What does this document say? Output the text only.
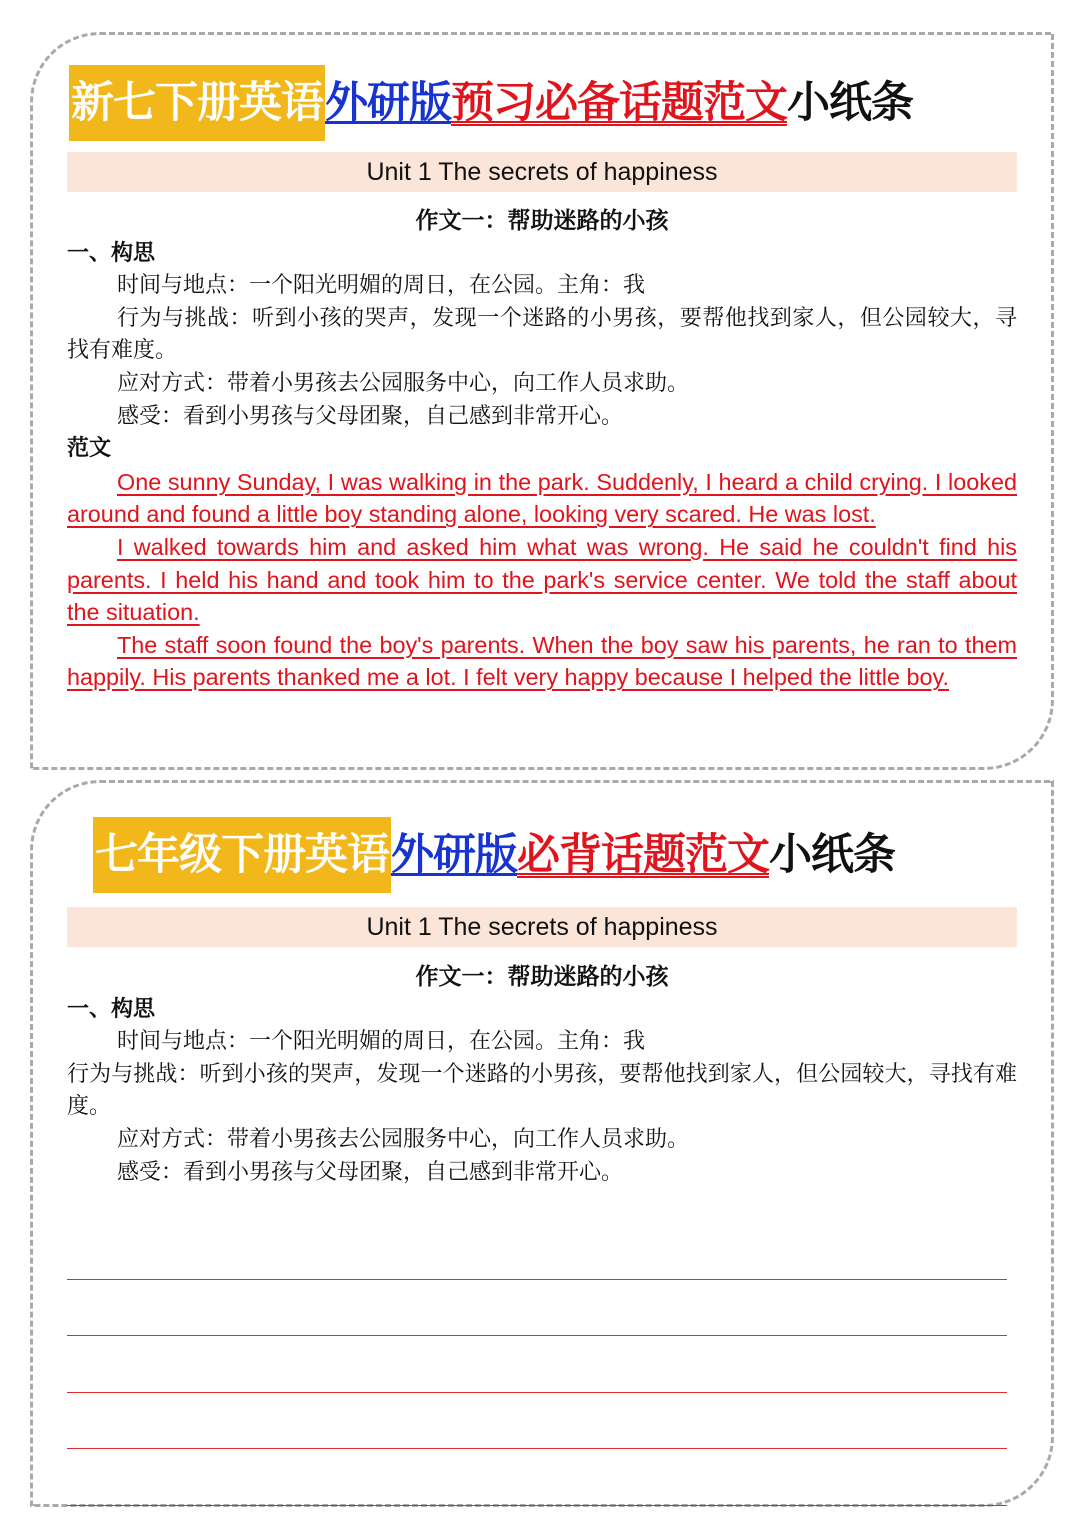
新七下册英语外研版预习必备话题范文小纸条
Unit 1 The secrets of happiness
作文一：帮助迷路的小孩
一、构思
时间与地点：一个阳光明媚的周日，在公园。主角：我
行为与挑战：听到小孩的哭声，发现一个迷路的小男孩，要帮他找到家人，但公园较大，寻找有难度。
应对方式：带着小男孩去公园服务中心，向工作人员求助。
感受：看到小男孩与父母团聚，自己感到非常开心。
范文
One sunny Sunday, I was walking in the park. Suddenly, I heard a child crying. I looked around and found a little boy standing alone, looking very scared. He was lost.
I walked towards him and asked him what was wrong. He said he couldn't find his parents. I held his hand and took him to the park's service center. We told the staff about the situation.
The staff soon found the boy's parents. When the boy saw his parents, he ran to them happily. His parents thanked me a lot. I felt very happy because I helped the little boy.
七年级下册英语外研版必背话题范文小纸条
Unit 1 The secrets of happiness
作文一：帮助迷路的小孩
一、构思
时间与地点：一个阳光明媚的周日，在公园。主角：我
行为与挑战：听到小孩的哭声，发现一个迷路的小男孩，要帮他找到家人，但公园较大，寻找有难度。
应对方式：带着小男孩去公园服务中心，向工作人员求助。
感受：看到小男孩与父母团聚，自己感到非常开心。
